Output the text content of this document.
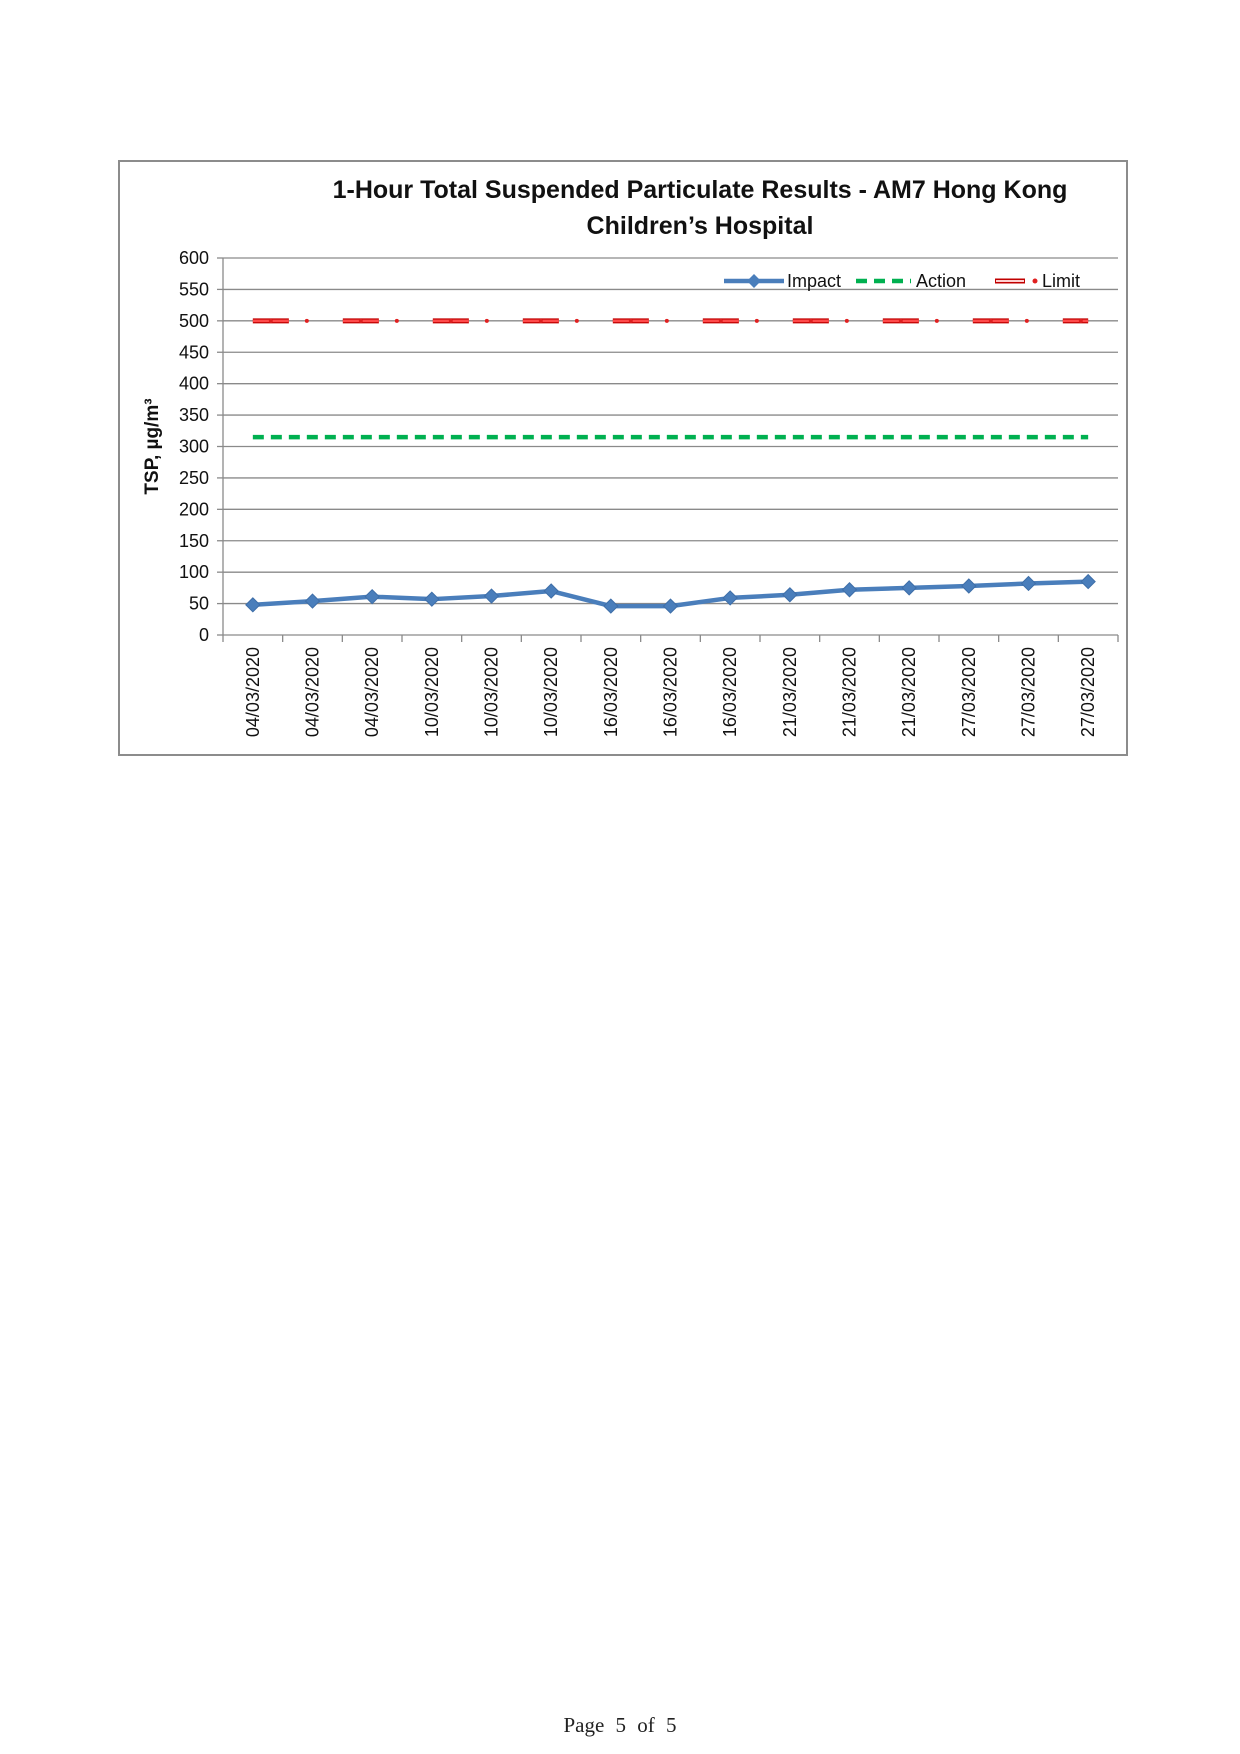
1-Hour Total Suspended Particulate Results - AM7 Hong Kong
Children’s Hospital
0
50
100
150
200
250
300
350
400
450
500
550
600
TSP, µg/m³
04/03/2020 04/03/2020 04/03/2020 10/03/2020 10/03/2020 10/03/2020 16/03/2020 16/03/2020 16/03/2020 21/03/2020 21/03/2020 21/03/2020 27/03/2020 27/03/2020 27/03/2020
Impact	Action	Limit
Page 5 of 5
